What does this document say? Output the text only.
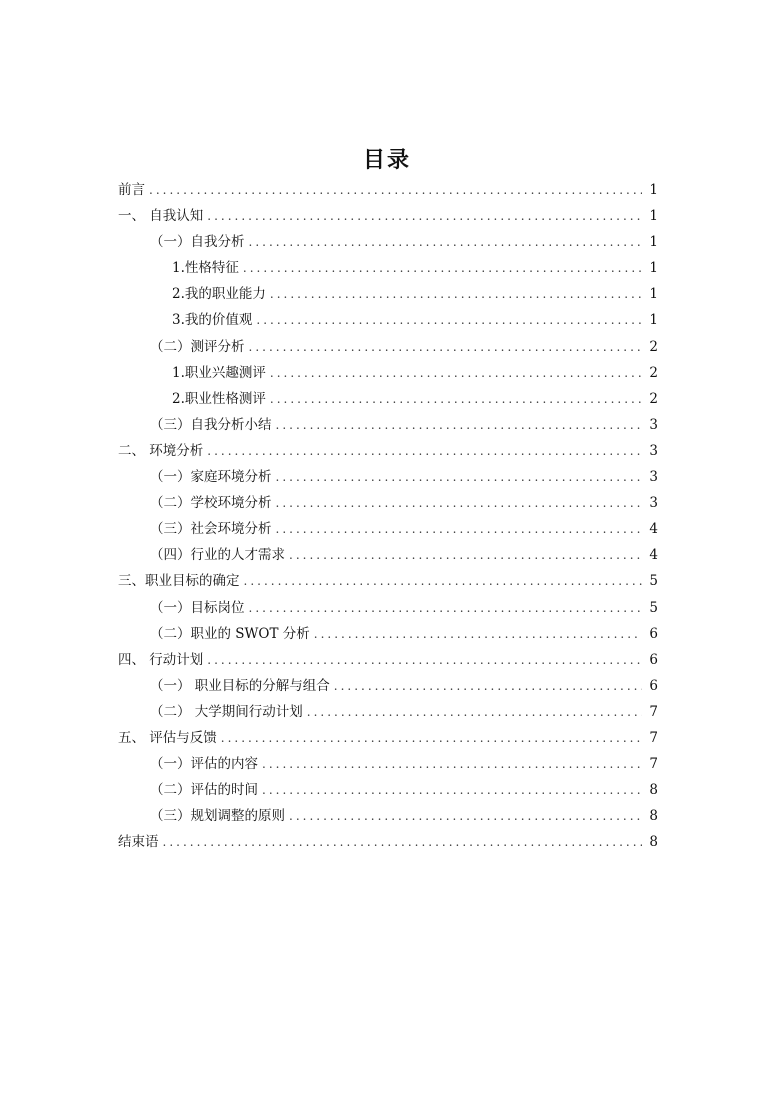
目录
前言 .....	1
一、 自我认知 .....	1
（一）自我分析 .....	1
1.性格特征 .....	1
2.我的职业能力 .....	1
3.我的价值观 .....	1
（二）测评分析 .....	2
1.职业兴趣测评 .....	2
2.职业性格测评 .....	2
（三）自我分析小结 .....	3
二、 环境分析 .....	3
（一）家庭环境分析 .....	3
（二）学校环境分析 .....	3
（三）社会环境分析 .....	4
（四）行业的人才需求 .....	4
三、职业目标的确定 .....	5
（一）目标岗位 .....	5
（二）职业的 SWOT 分析 .....	6
四、 行动计划 .....	6
（一） 职业目标的分解与组合 .....	6
（二） 大学期间行动计划 .....	7
五、 评估与反馈 .....	7
（一）评估的内容 .....	7
（二）评估的时间 .....	8
（三）规划调整的原则 .....	8
结束语 .....	8
